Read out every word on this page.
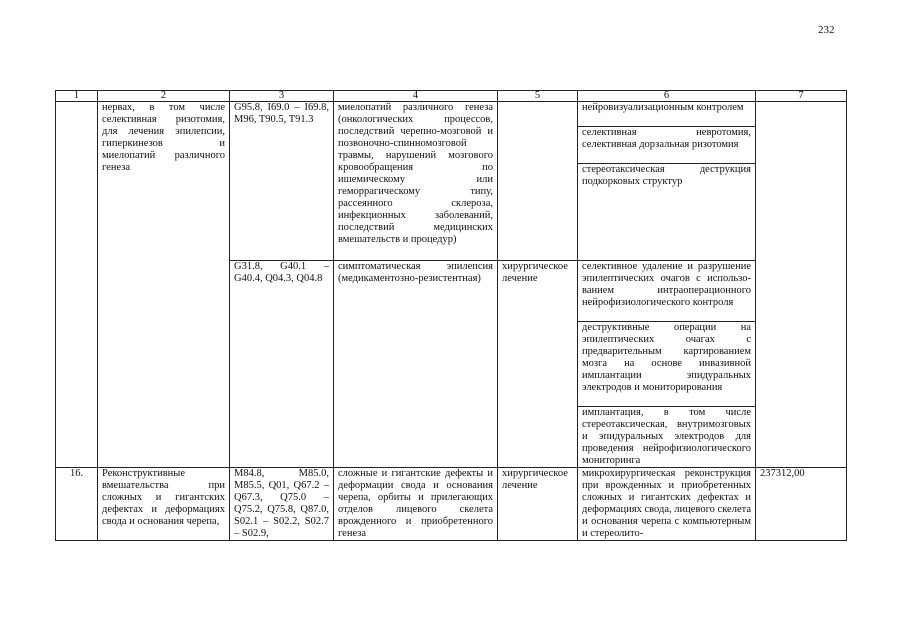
232
1	2	3	4	5	6	7
	нервах, в том числе селективная ризотомия, для лечения эпилепсии, гиперкинезов и миелопатий различного генеза	G95.8, I69.0 – I69.8, M96, T90.5, T91.3	миелопатий различного генеза (онкологических процессов, последствий черепно-мозговой и позвоночно-спинномозговой травмы, нарушений мозгового кровообращения по ишемическому или геморрагическому типу, рассеянного склероза, инфекционных заболеваний, последствий медицинских вмешательств и процедур)		нейровизуализационным контролем	
					селективная невротомия, селективная дорзальная ризотомия	
					стереотаксическая деструкция подкорковых структур	
		G31.8, G40.1 – G40.4, Q04.3, Q04.8	симптоматическая эпилепсия (медикаментозно-резистентная)	хирургическое лечение	селективное удаление и разрушение эпилептических очагов с использо-ванием интраоперационного нейрофизиологического контроля	
					деструктивные операции на эпилептических очагах с предварительным картированием мозга на основе инвазивной имплантации эпидуральных электродов и мониторирования	
					имплантация, в том числе стереотаксическая, внутримозговых и эпидуральных электродов для проведения нейрофизиологического мониторинга	
16.	Реконструктивные вмешательства при сложных и гигантских дефектах и деформациях свода и основания черепа,	M84.8, M85.0, M85.5, Q01, Q67.2 – Q67.3, Q75.0 – Q75.2, Q75.8, Q87.0, S02.1 – S02.2, S02.7 – S02.9,	сложные и гигантские дефекты и деформации свода и основания черепа, орбиты и прилегающих отделов лицевого скелета врожденного и приобретенного генеза	хирургическое лечение	микрохирургическая реконструкция при врожденных и приобретенных сложных и гигантских дефектах и деформациях свода, лицевого скелета и основания черепа с компьютерным и стереолито-	237312,00
